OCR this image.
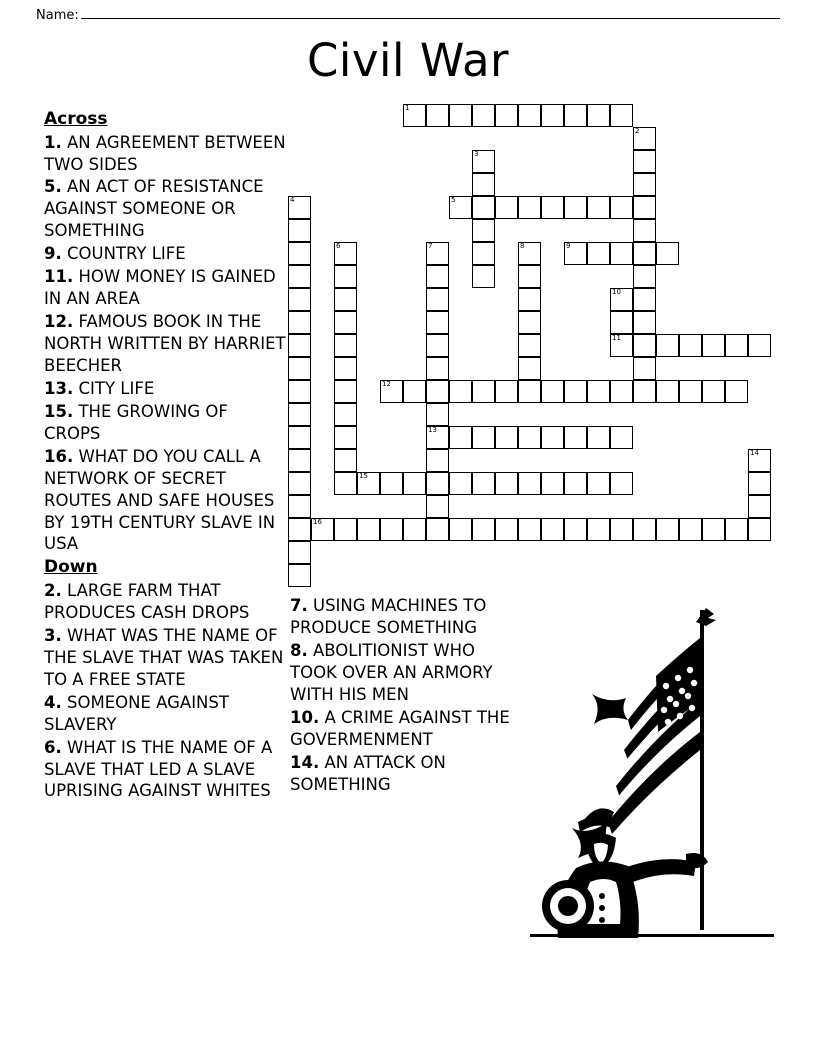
Name:
Civil War
Across
1. AN AGREEMENT BETWEEN TWO SIDES
5. AN ACT OF RESISTANCE AGAINST SOMEONE OR SOMETHING
9. COUNTRY LIFE
11. HOW MONEY IS GAINED IN AN AREA
12. FAMOUS BOOK IN THE NORTH WRITTEN BY HARRIET BEECHER
13. CITY LIFE
15. THE GROWING OF CROPS
16. WHAT DO YOU CALL A NETWORK OF SECRET ROUTES AND SAFE HOUSES BY 19TH CENTURY SLAVE IN USA
Down
2. LARGE FARM THAT PRODUCES CASH DROPS
3. WHAT WAS THE NAME OF THE SLAVE THAT WAS TAKEN TO A FREE STATE
4. SOMEONE AGAINST SLAVERY
6. WHAT IS THE NAME OF A SLAVE THAT LED A SLAVE UPRISING AGAINST WHITES
7. USING MACHINES TO PRODUCE SOMETHING
8. ABOLITIONIST WHO TOOK OVER AN ARMORY WITH HIS MEN
10. A CRIME AGAINST THE GOVERMENMENT
14. AN ATTACK ON SOMETHING
1
2
3
4	5
6	7
13
8	9
10
11
12
14
15
16
